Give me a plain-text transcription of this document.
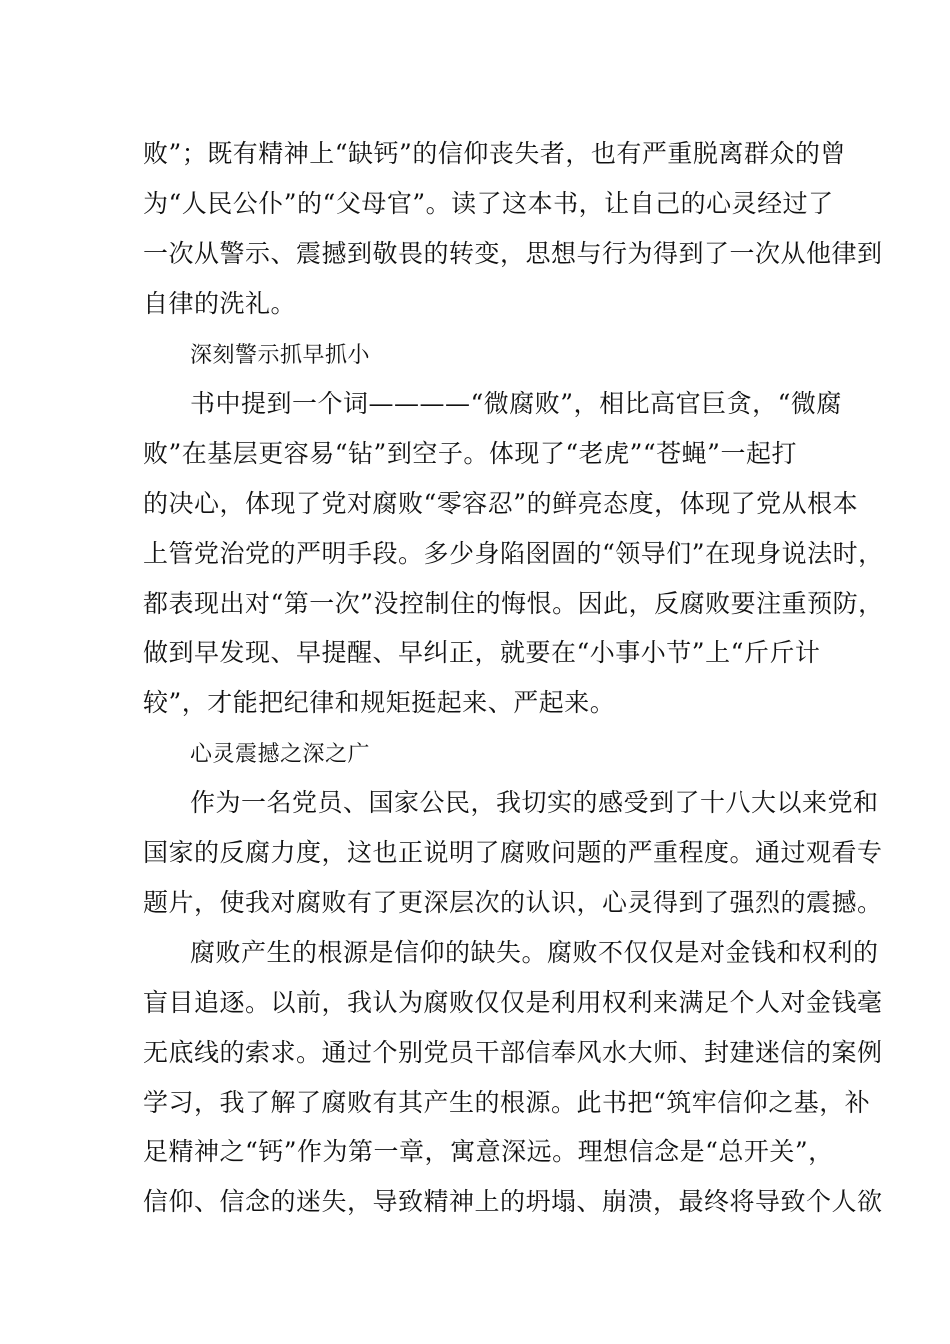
败”；既有精神上“缺钙”的信仰丧失者，也有严重脱离群众的曾
为“人民公仆”的“父母官”。读了这本书，让自己的心灵经过了
一次从警示、震撼到敬畏的转变，思想与行为得到了一次从他律到
自律的洗礼。
深刻警示抓早抓小
书中提到一个词————“微腐败”，相比高官巨贪，“微腐
败”在基层更容易“钻”到空子。体现了“老虎”“苍蝇”一起打
的决心，体现了党对腐败“零容忍”的鲜亮态度，体现了党从根本
上管党治党的严明手段。多少身陷囹圄的“领导们”在现身说法时，
都表现出对“第一次”没控制住的悔恨。因此，反腐败要注重预防，
做到早发现、早提醒、早纠正，就要在“小事小节”上“斤斤计
较”，才能把纪律和规矩挺起来、严起来。
心灵震撼之深之广
作为一名党员、国家公民，我切实的感受到了十八大以来党和
国家的反腐力度，这也正说明了腐败问题的严重程度。通过观看专
题片，使我对腐败有了更深层次的认识，心灵得到了强烈的震撼。
腐败产生的根源是信仰的缺失。腐败不仅仅是对金钱和权利的
盲目追逐。以前，我认为腐败仅仅是利用权利来满足个人对金钱毫
无底线的索求。通过个别党员干部信奉风水大师、封建迷信的案例
学习，我了解了腐败有其产生的根源。此书把“筑牢信仰之基，补
足精神之“钙”作为第一章，寓意深远。理想信念是“总开关”，
信仰、信念的迷失，导致精神上的坍塌、崩溃，最终将导致个人欲
